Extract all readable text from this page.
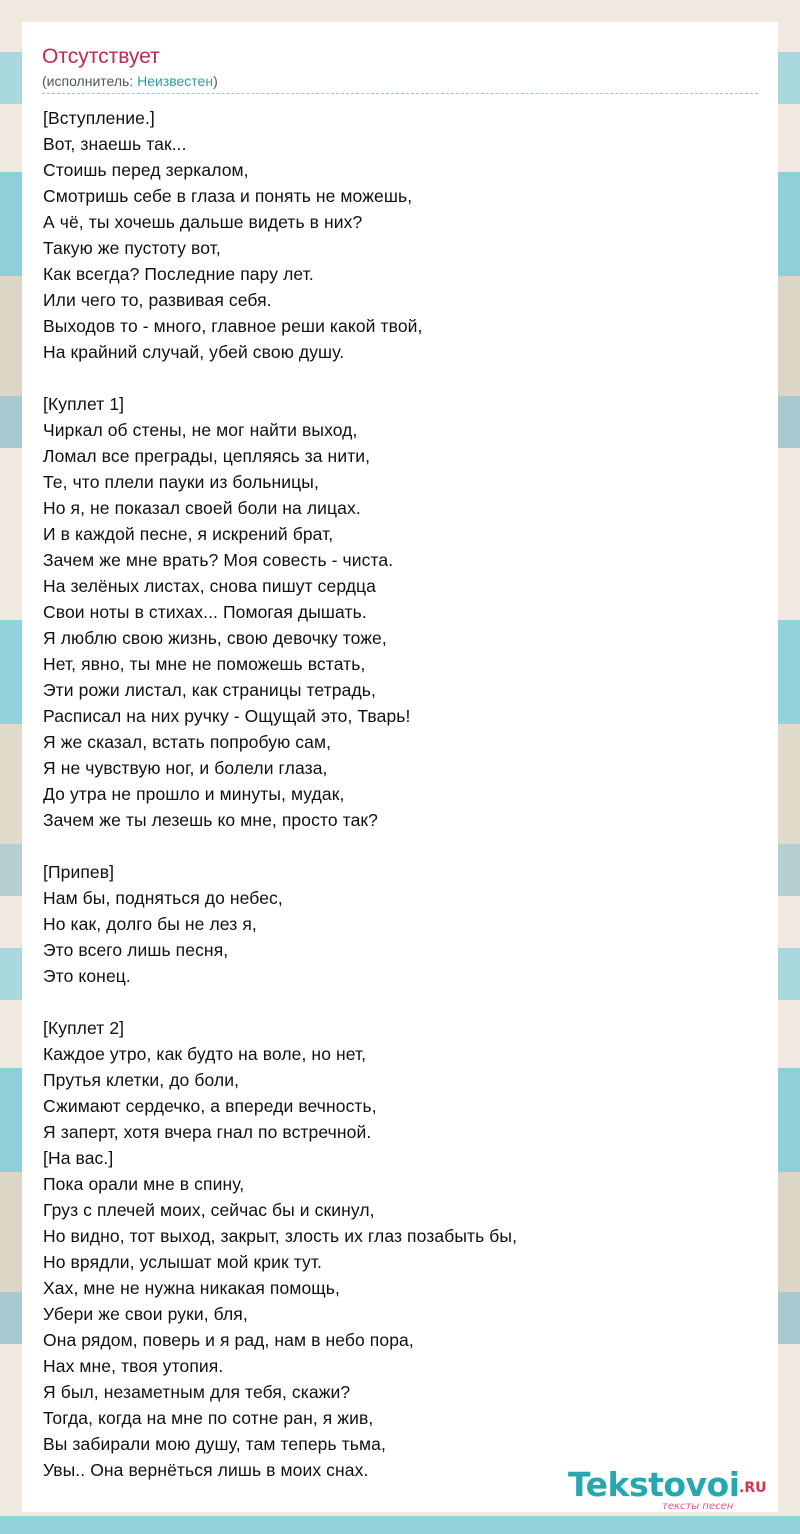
Отсутствует
(исполнитель: Неизвестен)
[Вступление.]
Вот, знаешь так...
Стоишь перед зеркалом,
Смотришь себе в глаза и понять не можешь,
А чё, ты хочешь дальше видеть в них?
Такую же пустоту вот,
Как всегда? Последние пару лет.
Или чего то, развивая себя.
Выходов то - много, главное реши какой твой,
На крайний случай, убей свою душу.
[Куплет 1]
Чиркал об стены, не мог найти выход,
Ломал все преграды, цепляясь за нити,
Те, что плели пауки из больницы,
Но я, не показал своей боли на лицах.
И в каждой песне, я искрений брат,
Зачем же мне врать? Моя совесть - чиста.
На зелёных листах, снова пишут сердца
Свои ноты в стихах... Помогая дышать.
Я люблю свою жизнь, свою девочку тоже,
Нет, явно, ты мне не поможешь встать,
Эти рожи листал, как страницы тетрадь,
Расписал на них ручку - Ощущай это, Тварь!
Я же сказал, встать попробую сам,
Я не чувствую ног, и болели глаза,
До утра не прошло и минуты, мудак,
Зачем же ты лезешь ко мне, просто так?
[Припев]
Нам бы, подняться до небес,
Но как, долго бы не лез я,
Это всего лишь песня,
Это конец.
[Куплет 2]
Каждое утро, как будто на воле, но нет,
Прутья клетки, до боли,
Сжимают сердечко, а впереди вечность,
Я заперт, хотя вчера гнал по встречной.
[На вас.]
Пока орали мне в спину,
Груз с плечей моих, сейчас бы и скинул,
Но видно, тот выход, закрыт, злость их глаз позабыть бы,
Но врядли, услышат мой крик тут.
Хах, мне не нужна никакая помощь,
Убери же свои руки, бля,
Она рядом, поверь и я рад, нам в небо пора,
Нах мне, твоя утопия.
Я был, незаметным для тебя, скажи?
Тогда, когда на мне по сотне ран, я жив,
Вы забирали мою душу, там теперь тьма,
Увы.. Она вернёться лишь в моих снах.	Tekstovoi .RU
тексты песен
